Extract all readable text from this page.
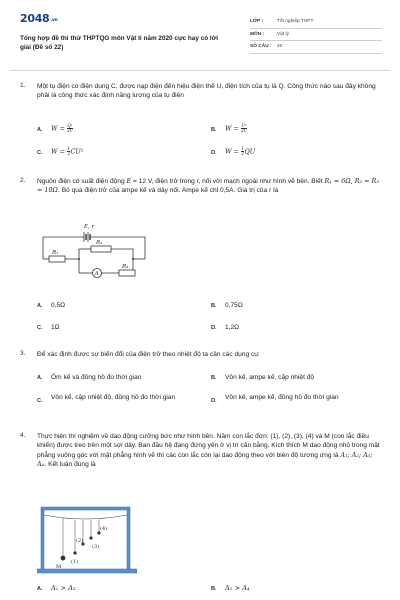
2048.vn
Tổng hợp đề thi thử THPTQG môn Vật lí năm 2020 cực hay có lời giải (Đề số 22)
LỚP :	Tốt nghiệp THPT
MÔN :	Vật lý
SỐ CÂU :	40
1. Một tụ điện có điện dung C, được nạp điện đến hiệu điện thế U, điện tích của tụ là Q. Công thức nào sau đây không phải là công thức xác định năng lượng của tụ điện
A. $W = \frac{\text{Q²}}{2C}$	B. $W = \frac{\text{U²}}{2C}$
C. $W = \frac{1}{2} CU^2$	D. $W = \frac{1}{2}$ QU
2. Nguồn điện có suất điện động E = 12 V, điện trở trong r, nối với mạch ngoài như hình vẽ bên. Biết R₁ = 6Ω, R₂ = R₃ = 10Ω. Bỏ qua điện trở của ampe kế và dây nối. Ampe kế chỉ 0,5A. Giá trị của r là
E, r
R₁
R₂
R₃
A
A. 0,5Ω	B. 0,75Ω
C. 1Ω	D. 1,2Ω
3. Để xác định được sự biến đổi của điện trở theo nhiệt độ ta cần các dụng cụ:
A. Ôm kế và đồng hồ đo thời gian	B. Vôn kế, ampe kế, cặp nhiệt độ
C. Vôn kế, cặp nhiệt độ, đồng hồ đo thời gian	D. Vôn kế, ampe kế, đồng hồ đo thời gian
4. Thực hiện thí nghiệm về dao động cưỡng bức như hình bên. Năm con lắc đơn: (1), (2), (3), (4) và M (con lắc điều khiển) được treo trên một sợi dây. Ban đầu hệ đang đứng yên ở vị trí cân bằng. Kích thích M dao động nhỏ trong mặt phẳng vuông góc với mặt phẳng hình vẽ thì các con lắc còn lại dao động theo với biên độ tương ứng là A₁; A₂; A₃; A₄. Kết luận đúng là
M
(1)
(2)
(3)
(4)
A. A₁ > A₂	B. A₁ > A₄
